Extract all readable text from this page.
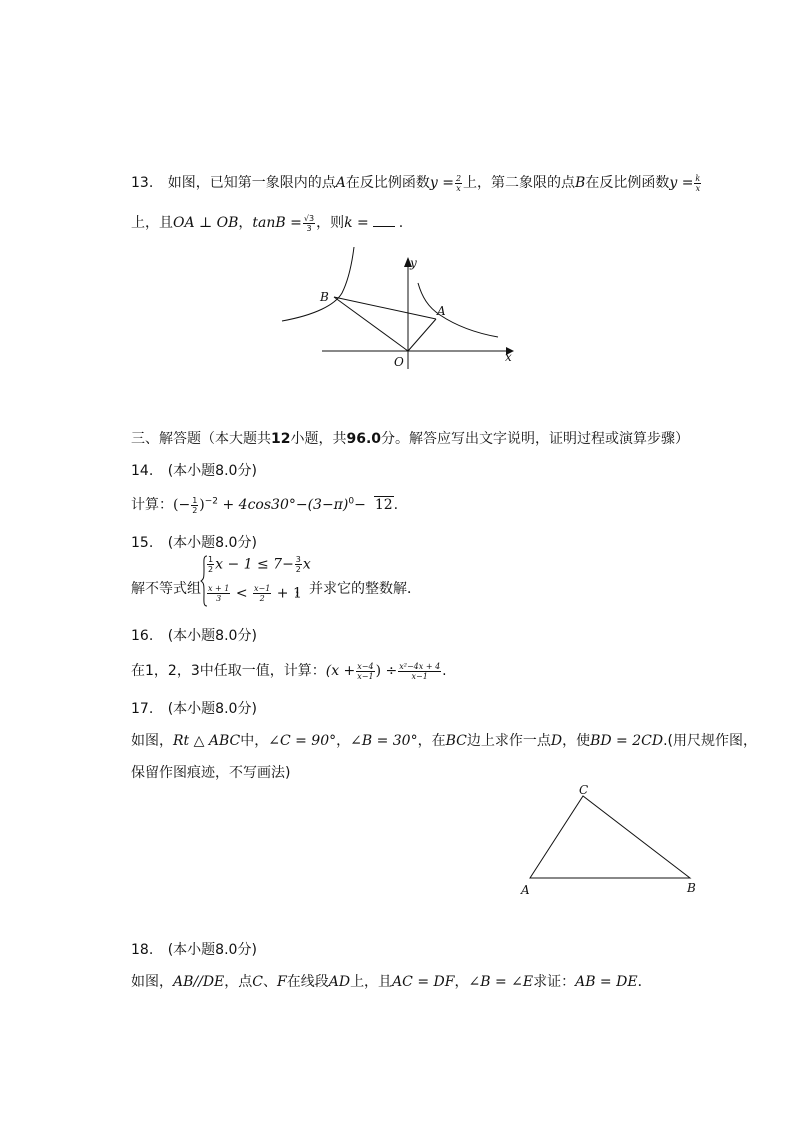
13. 如图，已知第一象限内的点A在反比例函数$y = \frac{2}{x}$ 上，第二象限的点B在反比例函数$y = \frac{k}{x}$
上，且OA ⊥ OB，$\tan B = \frac{√3}{3}$ ，则k = .
B
A
O	x
y
三、解答题（本大题共12小题，共96.0分。解答应写出文字说明，证明过程或演算步骤）
14. (本小题8.0分)
计算：(− $\frac{1}{2} )^{-2} + 4\cos 30^\circ-(3-\pi)^0- 12$.
15. (本小题8.0分)
解不等式组
$\frac{1}{2}$ $x - 1 \le 7- \frac{3}{2}$ x
$\frac{x + 1}{3} < \frac{x-1}{2} + 1$
，并求它的整数解．
16. (本小题8.0分)
在1，2，3中任取一值，计算：($x + \frac{x-4}{x-1}$ ) ÷ $\frac{\text{x²−4x + 4}}{x-1}$ .
17. (本小题8.0分)
如图，Rt △ ABC中，∠C = 90°，∠B = 30°，在BC边上求作一点D，使BD = 2CD.(用尺规作图，
保留作图痕迹，不写画法)
C
A	B
18. (本小题8.0分)
如图，AB//DE，点C、F在线段AD上，且AC = DF，∠B = ∠E求证：AB = DE．
